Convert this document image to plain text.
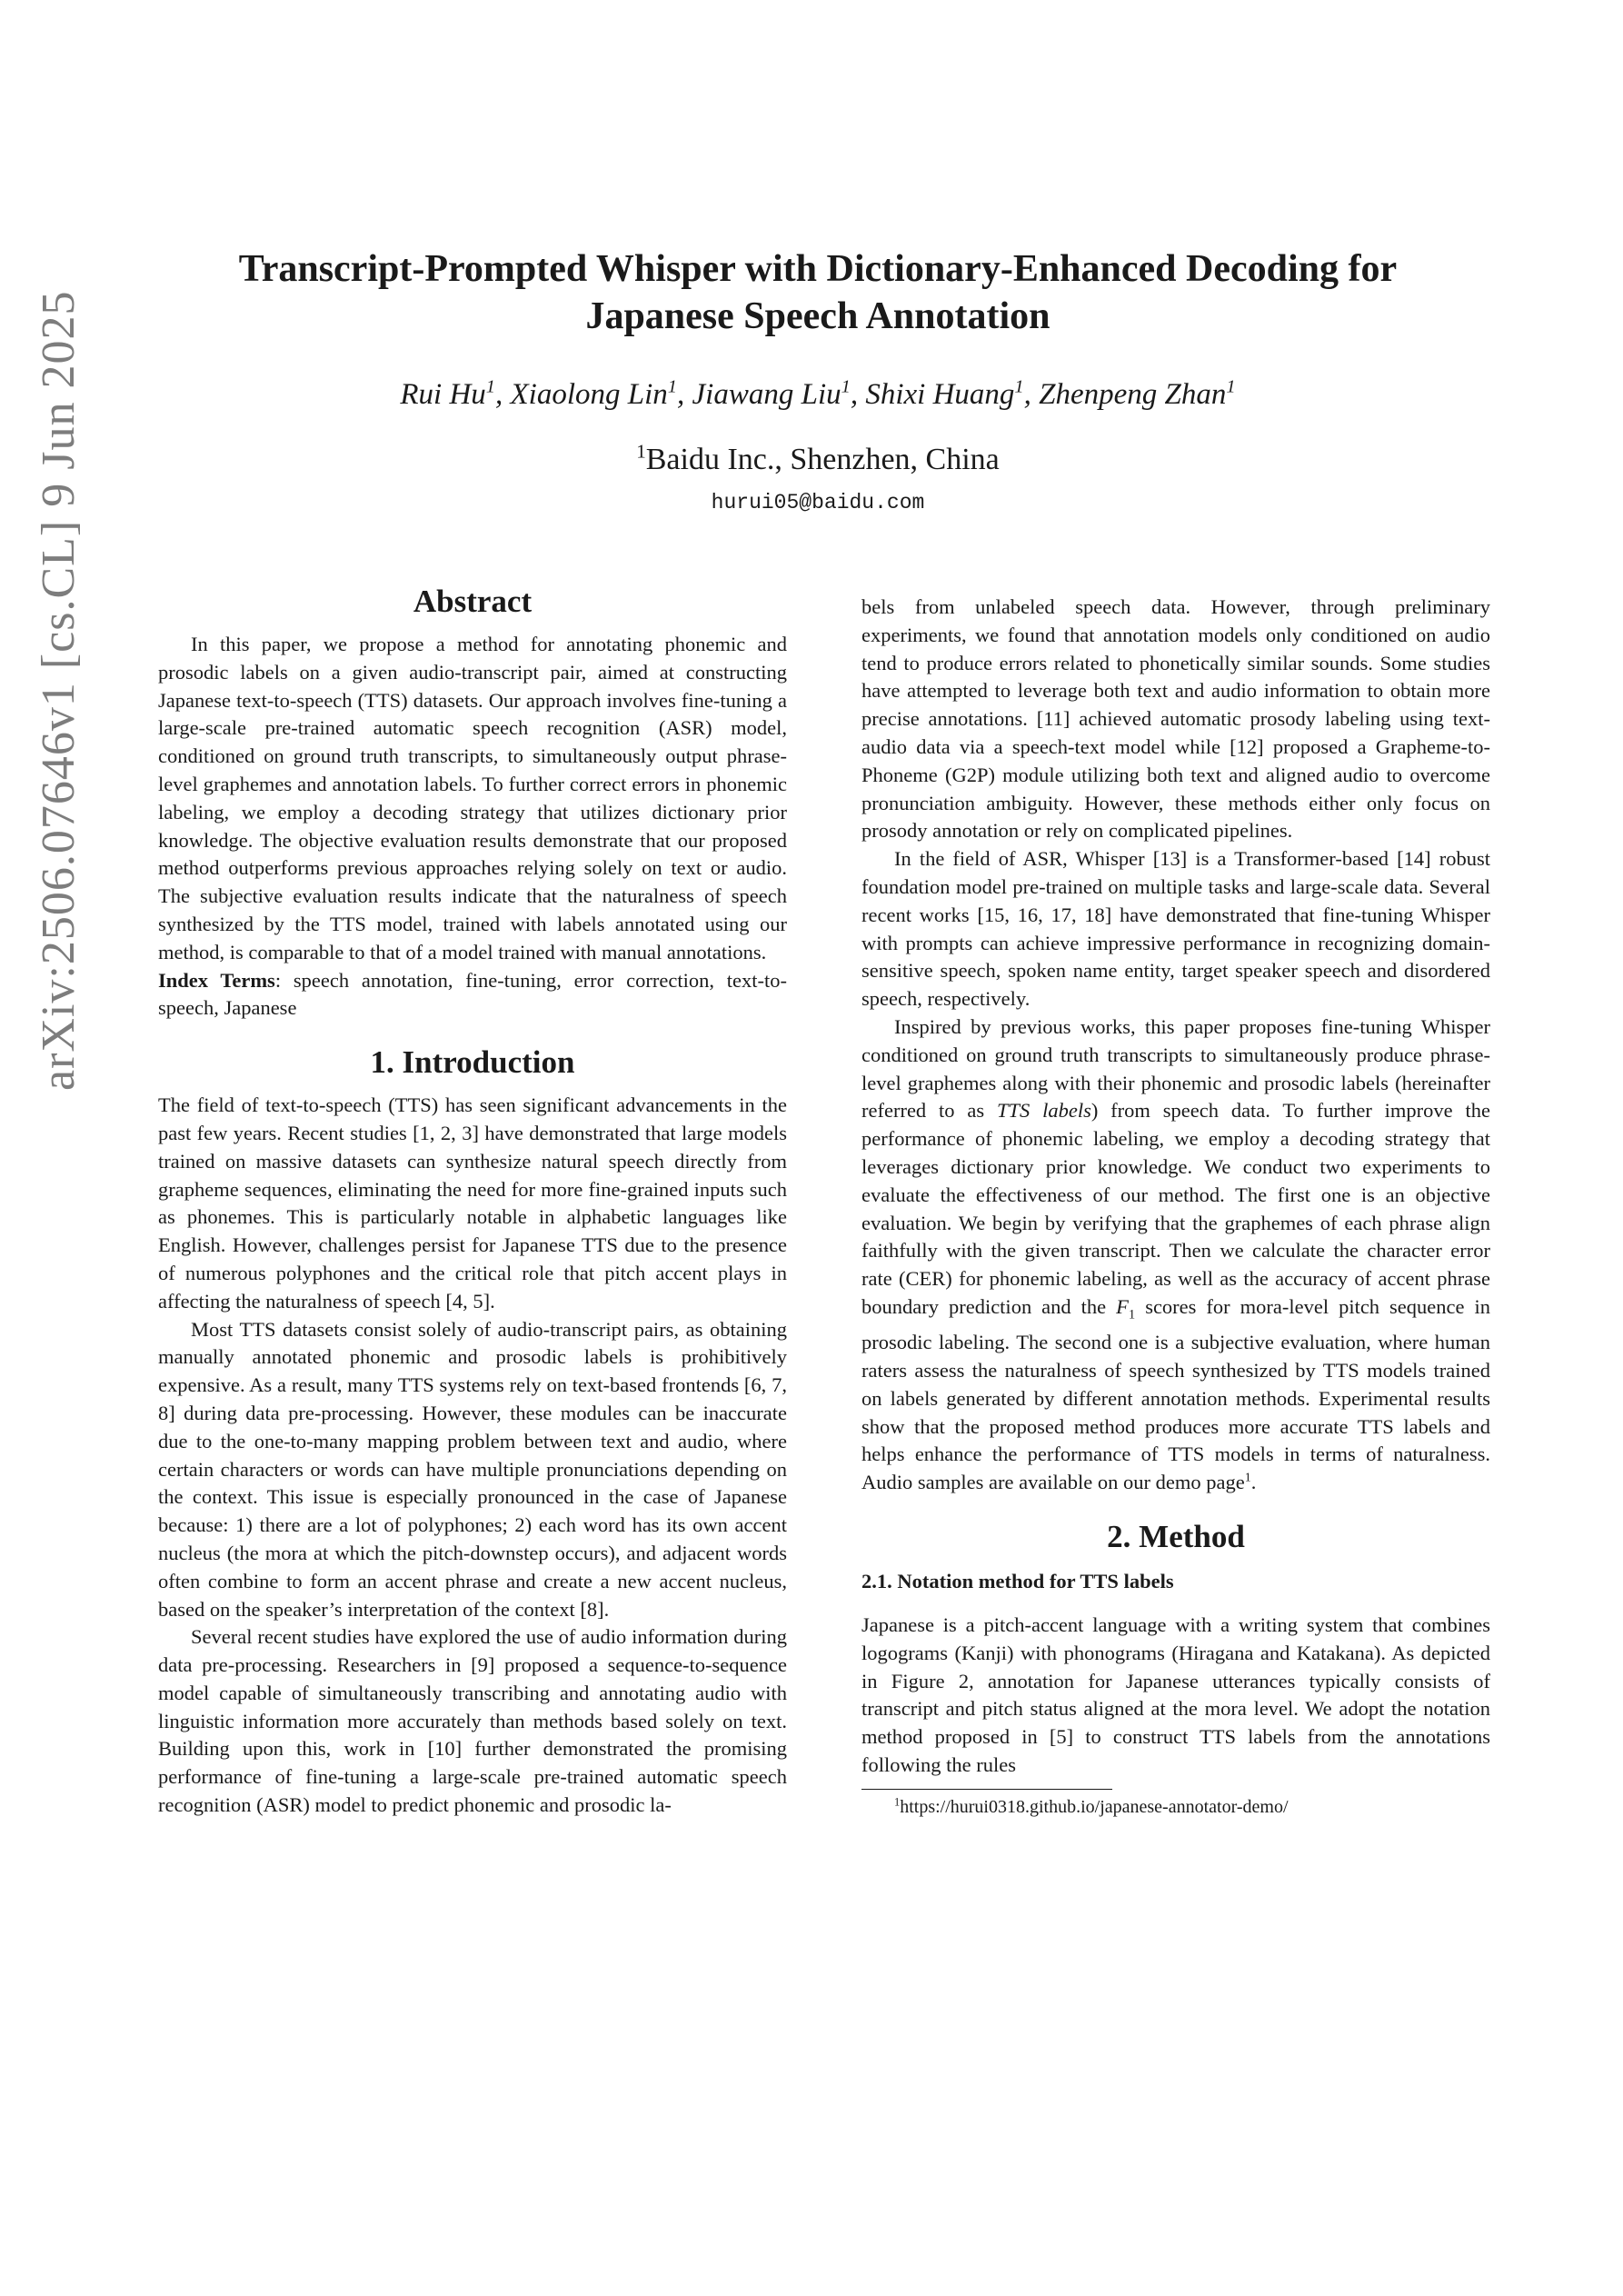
arXiv:2506.07646v1 [cs.CL] 9 Jun 2025
Transcript-Prompted Whisper with Dictionary-Enhanced Decoding for Japanese Speech Annotation
Rui Hu$^1$, Xiaolong Lin$^1$, Jiawang Liu$^1$, Shixi Huang$^1$, Zhenpeng Zhan$^1$
$^1$Baidu Inc., Shenzhen, China
hurui05@baidu.com
Abstract

In this paper, we propose a method for annotating phonemic and prosodic labels on a given audio-transcript pair, aimed at constructing Japanese text-to-speech (TTS) datasets. Our approach involves fine-tuning a large-scale pre-trained automatic speech recognition (ASR) model, conditioned on ground truth transcripts, to simultaneously output phrase-level graphemes and annotation labels. To further correct errors in phonemic labeling, we employ a decoding strategy that utilizes dictionary prior knowledge. The objective evaluation results demonstrate that our proposed method outperforms previous approaches relying solely on text or audio. The subjective evaluation results indicate that the naturalness of speech synthesized by the TTS model, trained with labels annotated using our method, is comparable to that of a model trained with manual annotations.

Index Terms: speech annotation, fine-tuning, error correction, text-to-speech, Japanese

1. Introduction

The field of text-to-speech (TTS) has seen significant advancements in the past few years. Recent studies [1, 2, 3] have demonstrated that large models trained on massive datasets can synthesize natural speech directly from grapheme sequences, eliminating the need for more fine-grained inputs such as phonemes. This is particularly notable in alphabetic languages like English. However, challenges persist for Japanese TTS due to the presence of numerous polyphones and the critical role that pitch accent plays in affecting the naturalness of speech [4, 5].

Most TTS datasets consist solely of audio-transcript pairs, as obtaining manually annotated phonemic and prosodic labels is prohibitively expensive. As a result, many TTS systems rely on text-based frontends [6, 7, 8] during data pre-processing. However, these modules can be inaccurate due to the one-to-many mapping problem between text and audio, where certain characters or words can have multiple pronunciations depending on the context. This issue is especially pronounced in the case of Japanese because: 1) there are a lot of polyphones; 2) each word has its own accent nucleus (the mora at which the pitch-downstep occurs), and adjacent words often combine to form an accent phrase and create a new accent nucleus, based on the speaker’s interpretation of the context [8].

Several recent studies have explored the use of audio information during data pre-processing. Researchers in [9] proposed a sequence-to-sequence model capable of simultaneously transcribing and annotating audio with linguistic information more accurately than methods based solely on text. Building upon this, work in [10] further demonstrated the promising performance of fine-tuning a large-scale pre-trained automatic speech recognition (ASR) model to predict phonemic and prosodic la-

bels from unlabeled speech data. However, through preliminary experiments, we found that annotation models only conditioned on audio tend to produce errors related to phonetically similar sounds. Some studies have attempted to leverage both text and audio information to obtain more precise annotations. [11] achieved automatic prosody labeling using text-audio data via a speech-text model while [12] proposed a Grapheme-to-Phoneme (G2P) module utilizing both text and aligned audio to overcome pronunciation ambiguity. However, these methods either only focus on prosody annotation or rely on complicated pipelines.

In the field of ASR, Whisper [13] is a Transformer-based [14] robust foundation model pre-trained on multiple tasks and large-scale data. Several recent works [15, 16, 17, 18] have demonstrated that fine-tuning Whisper with prompts can achieve impressive performance in recognizing domain-sensitive speech, spoken name entity, target speaker speech and disordered speech, respectively.

Inspired by previous works, this paper proposes fine-tuning Whisper conditioned on ground truth transcripts to simultaneously produce phrase-level graphemes along with their phonemic and prosodic labels (hereinafter referred to as TTS labels) from speech data. To further improve the performance of phonemic labeling, we employ a decoding strategy that leverages dictionary prior knowledge. We conduct two experiments to evaluate the effectiveness of our method. The first one is an objective evaluation. We begin by verifying that the graphemes of each phrase align faithfully with the given transcript. Then we calculate the character error rate (CER) for phonemic labeling, as well as the accuracy of accent phrase boundary prediction and the $F_1$ scores for mora-level pitch sequence in prosodic labeling. The second one is a subjective evaluation, where human raters assess the naturalness of speech synthesized by TTS models trained on labels generated by different annotation methods. Experimental results show that the proposed method produces more accurate TTS labels and helps enhance the performance of TTS models in terms of naturalness. Audio samples are available on our demo page$^1$.

2. Method
2.1. Notation method for TTS labels

Japanese is a pitch-accent language with a writing system that combines logograms (Kanji) with phonograms (Hiragana and Katakana). As depicted in Figure 2, annotation for Japanese utterances typically consists of transcript and pitch status aligned at the mora level. We adopt the notation method proposed in [5] to construct TTS labels from the annotations following the rules

$^1$https://hurui0318.github.io/japanese-annotator-demo/
